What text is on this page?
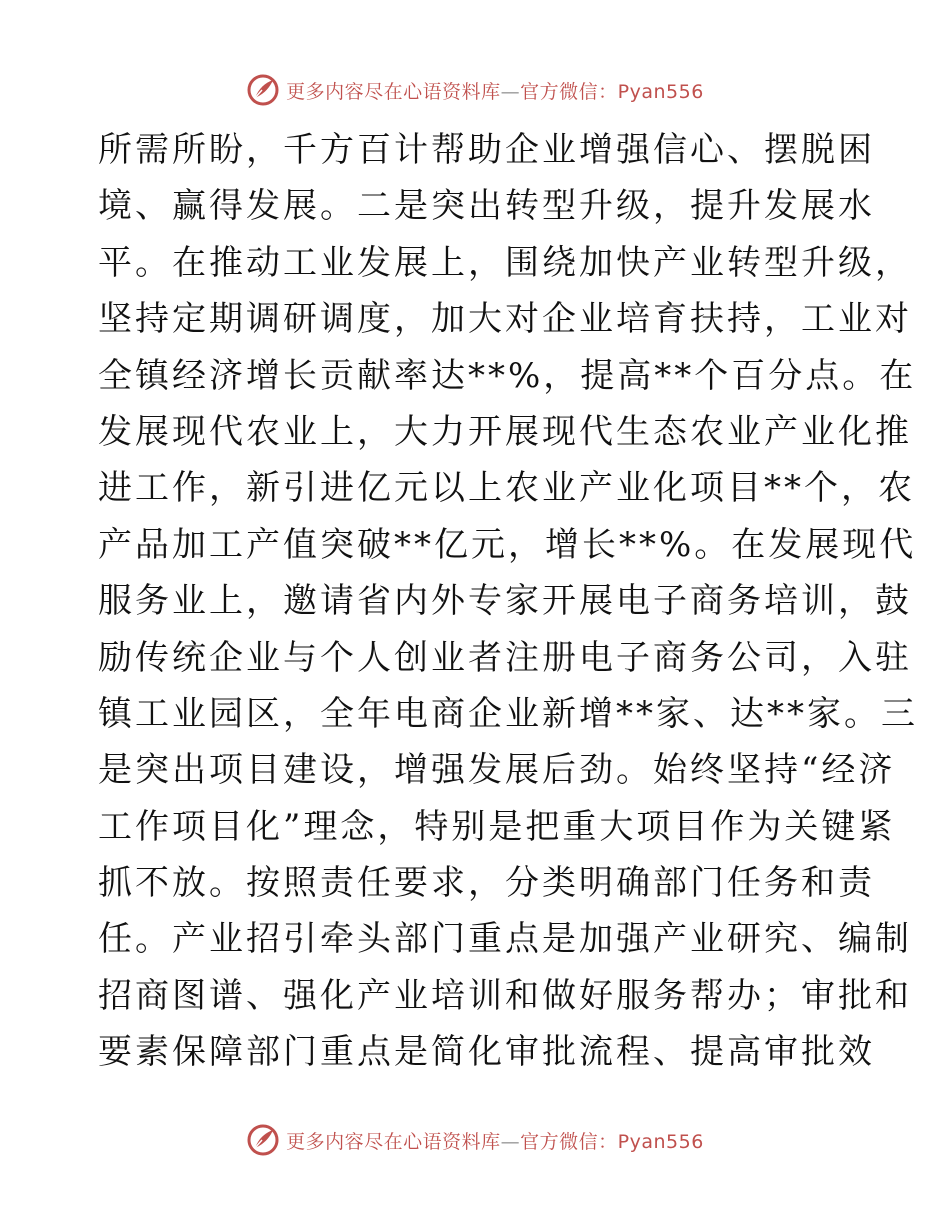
更多内容尽在心语资料库—官方微信：Pyan556
所需所盼，千方百计帮助企业增强信心、摆脱困
境、赢得发展。二是突出转型升级，提升发展水
平。在推动工业发展上，围绕加快产业转型升级，
坚持定期调研调度，加大对企业培育扶持，工业对
全镇经济增长贡献率达**%，提高**个百分点。在
发展现代农业上，大力开展现代生态农业产业化推
进工作，新引进亿元以上农业产业化项目**个，农
产品加工产值突破**亿元，增长**%。在发展现代
服务业上，邀请省内外专家开展电子商务培训，鼓
励传统企业与个人创业者注册电子商务公司，入驻
镇工业园区，全年电商企业新增**家、达**家。三
是突出项目建设，增强发展后劲。始终坚持“经济
工作项目化”理念，特别是把重大项目作为关键紧
抓不放。按照责任要求，分类明确部门任务和责
任。产业招引牵头部门重点是加强产业研究、编制
招商图谱、强化产业培训和做好服务帮办；审批和
要素保障部门重点是简化审批流程、提高审批效
更多内容尽在心语资料库—官方微信：Pyan556
